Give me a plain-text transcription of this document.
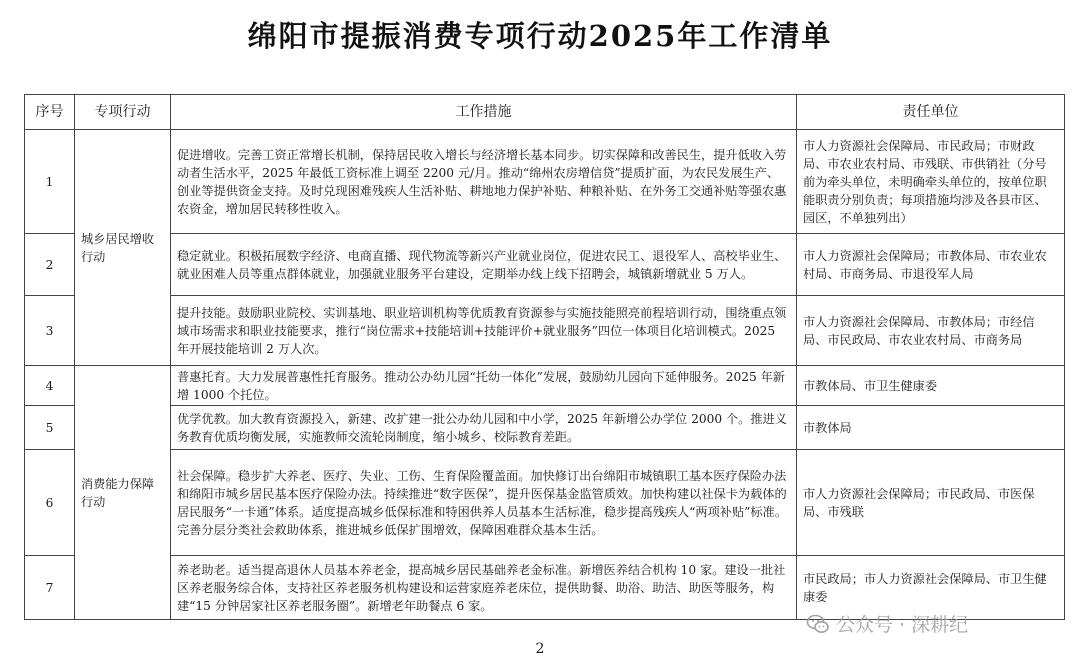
绵阳市提振消费专项行动2025年工作清单
序号	专项行动	工作措施	责任单位
1	城乡居民增收行动	促进增收。完善工资正常增长机制，保持居民收入增长与经济增长基本同步。切实保障和改善民生，提升低收入劳动者生活水平，2025 年最低工资标准上调至 2200 元/月。推动“绵州农房增信贷”提质扩面，为农民发展生产、创业等提供资金支持。及时兑现困难残疾人生活补贴、耕地地力保护补贴、种粮补贴、在外务工交通补贴等强农惠农资金，增加居民转移性收入。	市人力资源社会保障局、市民政局；市财政局、市农业农村局、市残联、市供销社（分号前为牵头单位，未明确牵头单位的，按单位职能职责分别负责；每项措施均涉及各县市区、园区，不单独列出）
2		稳定就业。积极拓展数字经济、电商直播、现代物流等新兴产业就业岗位，促进农民工、退役军人、高校毕业生、就业困难人员等重点群体就业，加强就业服务平台建设，定期举办线上线下招聘会，城镇新增就业 5 万人。	市人力资源社会保障局；市教体局、市农业农村局、市商务局、市退役军人局
3		提升技能。鼓励职业院校、实训基地、职业培训机构等优质教育资源参与实施技能照亮前程培训行动，围绕重点领域市场需求和职业技能要求，推行“岗位需求+技能培训+技能评价+就业服务”四位一体项目化培训模式。2025 年开展技能培训 2 万人次。	市人力资源社会保障局、市教体局；市经信局、市民政局、市农业农村局、市商务局
4	消费能力保障行动	普惠托育。大力发展普惠性托育服务。推动公办幼儿园“托幼一体化”发展，鼓励幼儿园向下延伸服务。2025 年新增 1000 个托位。	市教体局、市卫生健康委
5		优学优教。加大教育资源投入，新建、改扩建一批公办幼儿园和中小学，2025 年新增公办学位 2000 个。推进义务教育优质均衡发展，实施教师交流轮岗制度，缩小城乡、校际教育差距。	市教体局
6		社会保障。稳步扩大养老、医疗、失业、工伤、生育保险覆盖面。加快修订出台绵阳市城镇职工基本医疗保险办法和绵阳市城乡居民基本医疗保险办法。持续推进“数字医保”，提升医保基金监管质效。加快构建以社保卡为载体的居民服务“一卡通”体系。适度提高城乡低保标准和特困供养人员基本生活标准，稳步提高残疾人“两项补贴”标准。完善分层分类社会救助体系，推进城乡低保扩围增效，保障困难群众基本生活。	市人力资源社会保障局；市民政局、市医保局、市残联
7		养老助老。适当提高退休人员基本养老金，提高城乡居民基础养老金标准。新增医养结合机构 10 家。建设一批社区养老服务综合体，支持社区养老服务机构建设和运营家庭养老床位，提供助餐、助浴、助洁、助医等服务，构建“15 分钟居家社区养老服务圈”。新增老年助餐点 6 家。	市民政局；市人力资源社会保障局、市卫生健康委
公众号 · 深耕纪
2
